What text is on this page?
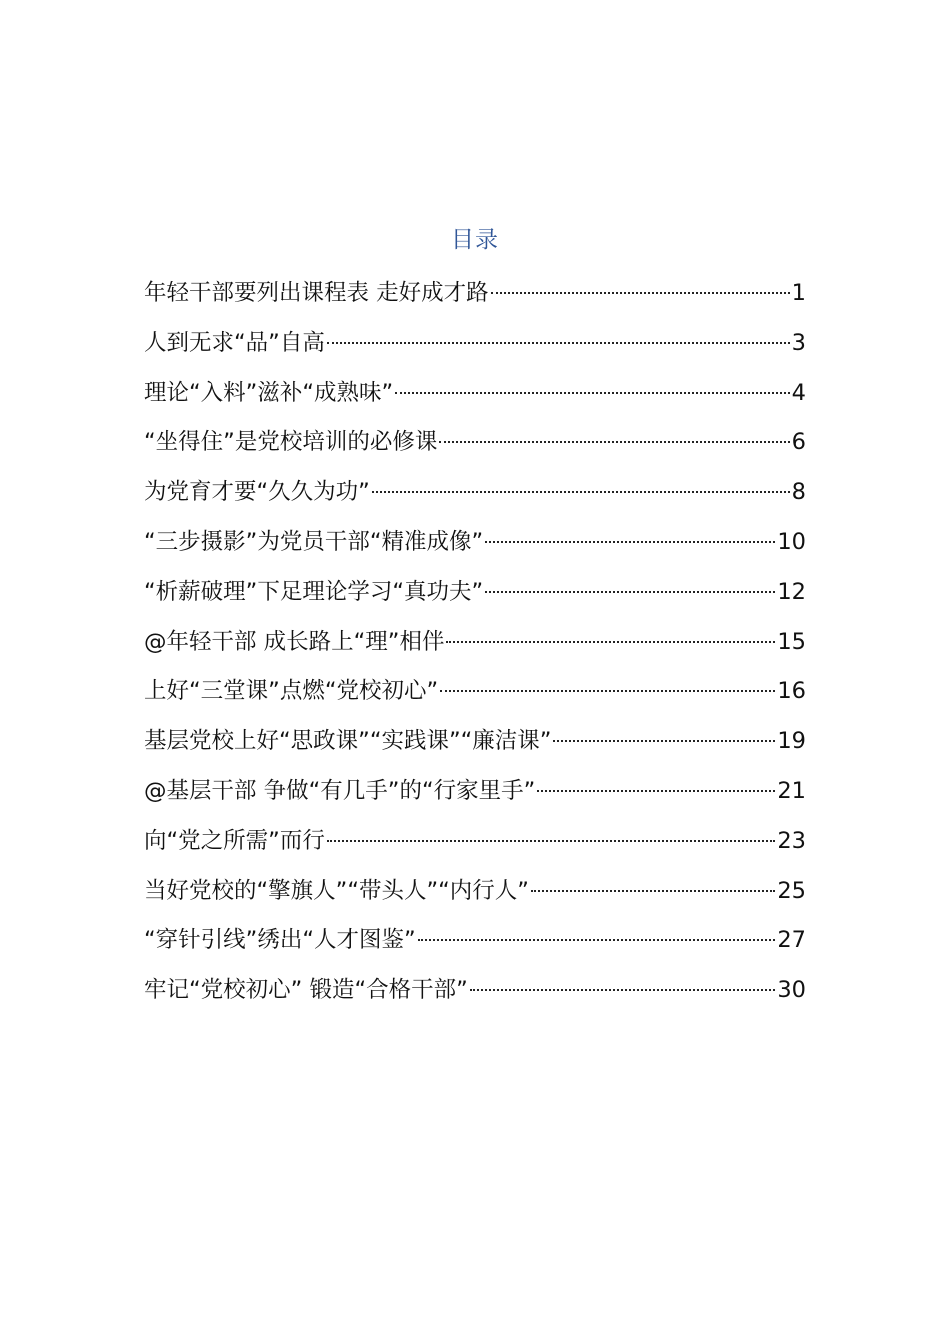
目录
年轻干部要列出课程表 走好成才路	1
人到无求“品”自高	3
理论“入料”滋补“成熟味”	4
“坐得住”是党校培训的必修课	6
为党育才要“久久为功”	8
“三步摄影”为党员干部“精准成像”	10
“析薪破理”下足理论学习“真功夫”	12
@年轻干部 成长路上“理”相伴	15
上好“三堂课”点燃“党校初心”	16
基层党校上好“思政课”“实践课”“廉洁课”	19
@基层干部 争做“有几手”的“行家里手”	21
向“党之所需”而行	23
当好党校的“擎旗人”“带头人”“内行人”	25
“穿针引线”绣出“人才图鉴”	27
牢记“党校初心” 锻造“合格干部”	30
